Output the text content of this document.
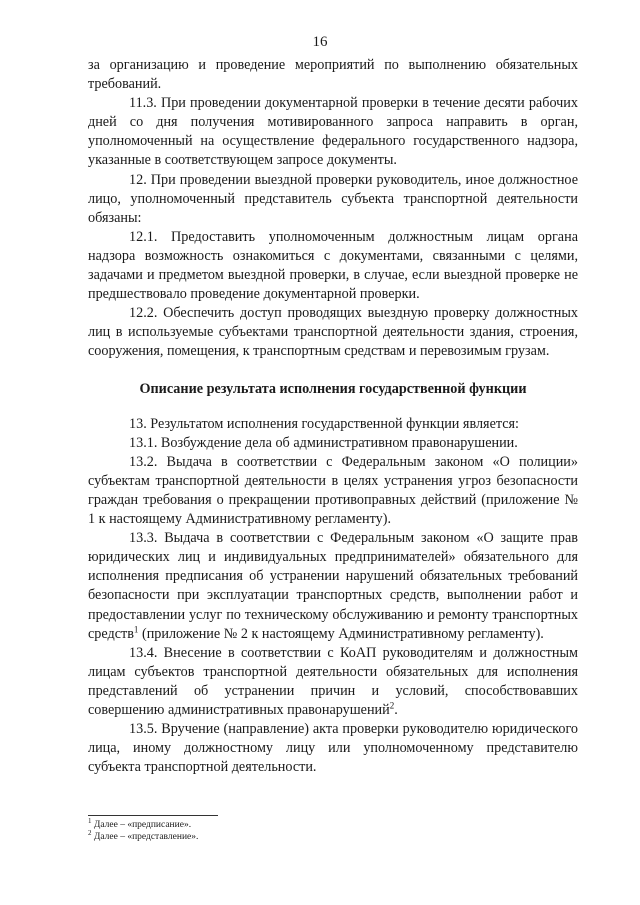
16

за организацию и проведение мероприятий по выполнению обязательных требований.

11.3. При проведении документарной проверки в течение десяти рабочих дней со дня получения мотивированного запроса направить в орган, уполномоченный на осуществление федерального государственного надзора, указанные в соответствующем запросе документы.

12. При проведении выездной проверки руководитель, иное должностное лицо, уполномоченный представитель субъекта транспортной деятельности обязаны:

12.1. Предоставить уполномоченным должностным лицам органа надзора возможность ознакомиться с документами, связанными с целями, задачами и предметом выездной проверки, в случае, если выездной проверке не предшествовало проведение документарной проверки.

12.2. Обеспечить доступ проводящих выездную проверку должностных лиц в используемые субъектами транспортной деятельности здания, строения, сооружения, помещения, к транспортным средствам и перевозимым грузам.

Описание результата исполнения государственной функции

13. Результатом исполнения государственной функции является:

13.1. Возбуждение дела об административном правонарушении.

13.2. Выдача в соответствии с Федеральным законом «О полиции» субъектам транспортной деятельности в целях устранения угроз безопасности граждан требования о прекращении противоправных действий (приложение № 1 к настоящему Административному регламенту).

13.3. Выдача в соответствии с Федеральным законом «О защите прав юридических лиц и индивидуальных предпринимателей» обязательного для исполнения предписания об устранении нарушений обязательных требований безопасности при эксплуатации транспортных средств, выполнении работ и предоставлении услуг по техническому обслуживанию и ремонту транспортных средств$^1$ (приложение № 2 к настоящему Административному регламенту).

13.4. Внесение в соответствии с КоАП руководителям и должностным лицам субъектов транспортной деятельности обязательных для исполнения представлений об устранении причин и условий, способствовавших совершению административных правонарушений$^2$.

13.5. Вручение (направление) акта проверки руководителю юридического лица, иному должностному лицу или уполномоченному представителю субъекта транспортной деятельности.

$^1$ Далее – «предписание».
$^2$ Далее – «представление».
